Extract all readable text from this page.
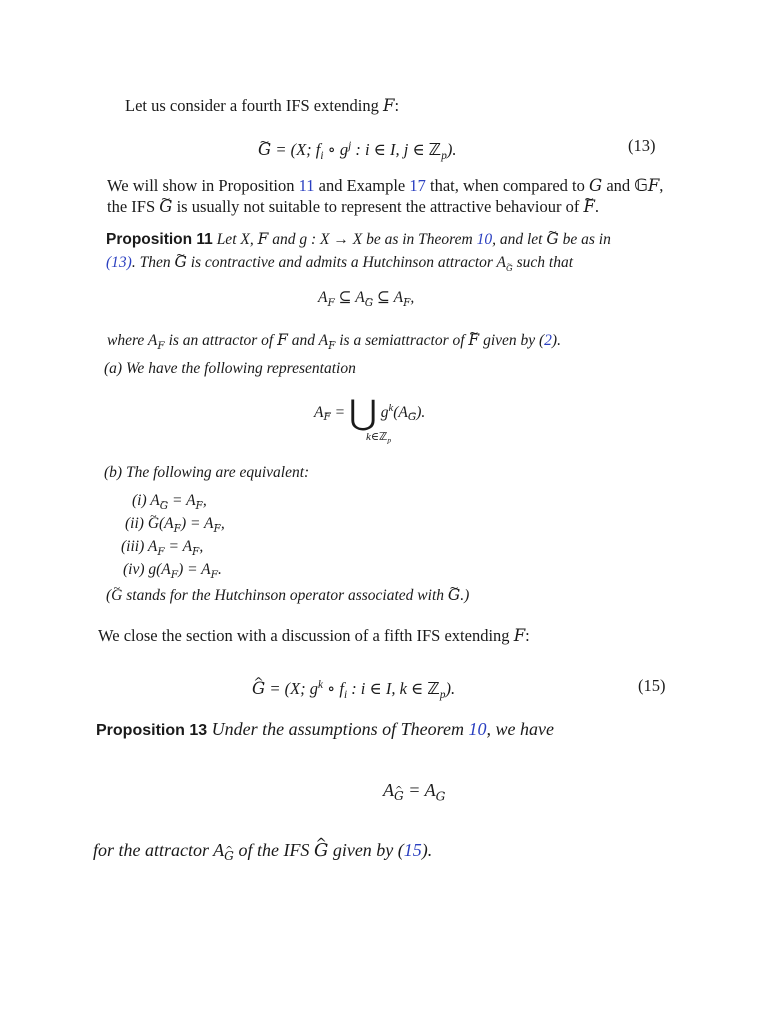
Let us consider a fourth IFS extending F:
~ G = (X; $f_i$ ∘ $g^j$ : i ∈ I, j ∈ ℤ$_p$).	(13)
We will show in Proposition 11 and Example 17 that, when compared to G and 𝔾F,
the IFS ~ G is usually not suitable to represent the attractive behaviour of ~ F.
Proposition 11 Let X, F and g : X → X be as in Theorem 10, and let ~ G be as in
(13). Then ~ G is contractive and admits a Hutchinson attractor A~ $_G$ such that
$A_F$ ⊆ A~ $_G$ ⊆ A~ $_F$,
where $A_F$ is an attractor of F and A~ $_F$ is a semiattractor of ~ F given by (2).
(a) We have the following representation
A~ $_F$ = ⋃ $g^k(A\sim$ $_G$).
k∈ℤ$_p$
(b) The following are equivalent:
(i) A~ $_G$ = A~ $_F$,
(ii) ~ G(A~ $_F$) = A~ $_F$,
(iii) $A_F$ = A~ $_F$,
(iv) $g(A_F) = A_F$.
(~ G stands for the Hutchinson operator associated with ~ G.)
We close the section with a discussion of a fifth IFS extending F:
^ G = (X; $g^k$ ∘ $f_i$ : i ∈ I, k ∈ ℤ$_p$).	(15)
Proposition 13 Under the assumptions of Theorem 10, we have
A^ $_G = A_G$
for the attractor A^ $_G$ of the IFS ^ G given by (15).
